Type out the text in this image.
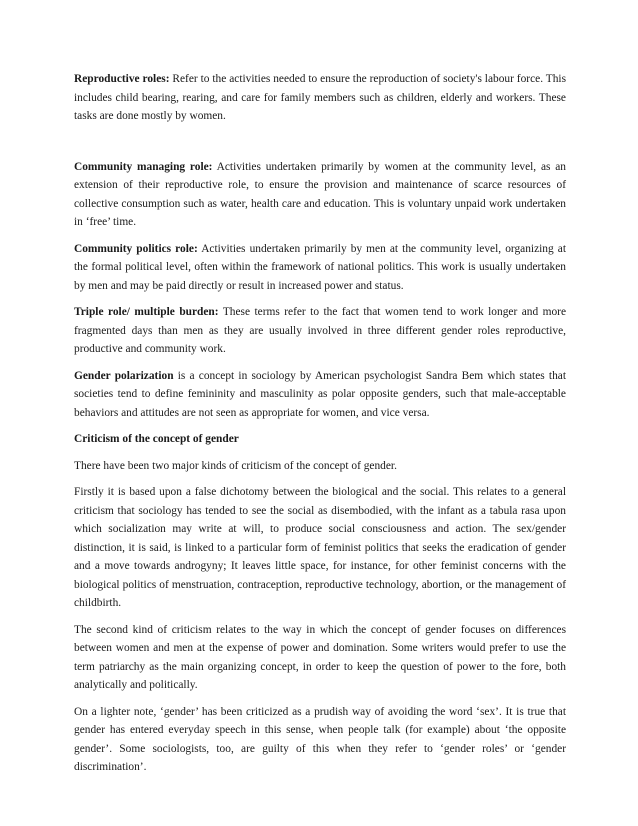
Reproductive roles: Refer to the activities needed to ensure the reproduction of society's labour force. This includes child bearing, rearing, and care for family members such as children, elderly and workers. These tasks are done mostly by women.

Community managing role: Activities undertaken primarily by women at the community level, as an extension of their reproductive role, to ensure the provision and maintenance of scarce resources of collective consumption such as water, health care and education. This is voluntary unpaid work undertaken in ‘free’ time.

Community politics role: Activities undertaken primarily by men at the community level, organizing at the formal political level, often within the framework of national politics. This work is usually undertaken by men and may be paid directly or result in increased power and status.

Triple role/ multiple burden: These terms refer to the fact that women tend to work longer and more fragmented days than men as they are usually involved in three different gender roles reproductive, productive and community work.

Gender polarization is a concept in sociology by American psychologist Sandra Bem which states that societies tend to define femininity and masculinity as polar opposite genders, such that male-acceptable behaviors and attitudes are not seen as appropriate for women, and vice versa.

Criticism of the concept of gender

There have been two major kinds of criticism of the concept of gender.

Firstly it is based upon a false dichotomy between the biological and the social. This relates to a general criticism that sociology has tended to see the social as disembodied, with the infant as a tabula rasa upon which socialization may write at will, to produce social consciousness and action. The sex/gender distinction, it is said, is linked to a particular form of feminist politics that seeks the eradication of gender and a move towards androgyny; It leaves little space, for instance, for other feminist concerns with the biological politics of menstruation, contraception, reproductive technology, abortion, or the management of childbirth.

The second kind of criticism relates to the way in which the concept of gender focuses on differences between women and men at the expense of power and domination. Some writers would prefer to use the term patriarchy as the main organizing concept, in order to keep the question of power to the fore, both analytically and politically.

On a lighter note, ‘gender’ has been criticized as a prudish way of avoiding the word ‘sex’. It is true that gender has entered everyday speech in this sense, when people talk (for example) about ‘the opposite gender’. Some sociologists, too, are guilty of this when they refer to ‘gender roles’ or ‘gender discrimination’.
